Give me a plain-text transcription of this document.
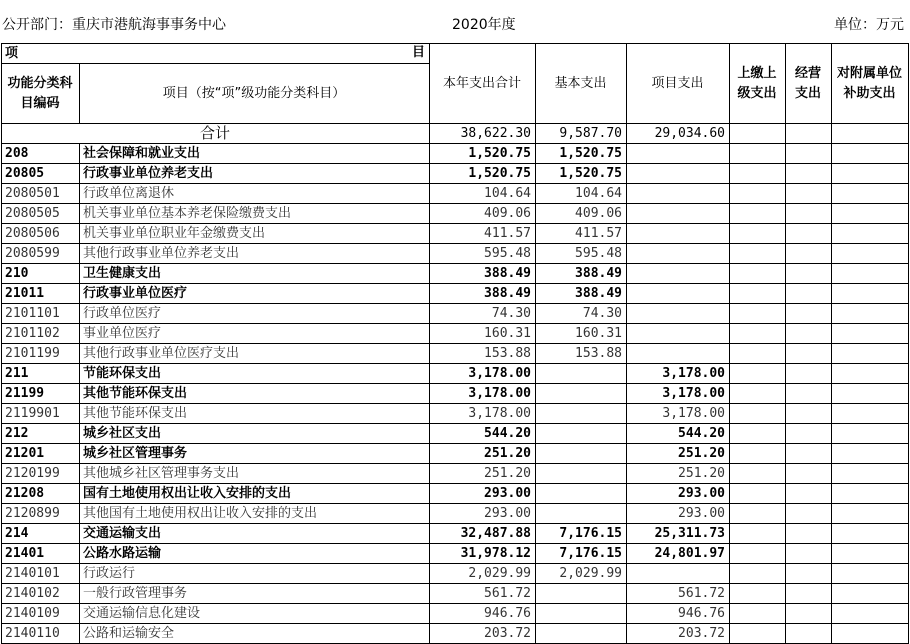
公开部门：重庆市港航海事事务中心	2020年度	单位：万元
项 目		本年支出合计	基本支出	项目支出	上缴上级支出	经营支出	对附属单位补助支出
功能分类科目编码	项目（按“项”级功能分类科目）						
合计		38,622.30	9,587.70	29,034.60			
208	社会保障和就业支出	1,520.75	1,520.75				
20805	行政事业单位养老支出	1,520.75	1,520.75				
2080501	行政单位离退休	104.64	104.64				
2080505	机关事业单位基本养老保险缴费支出	409.06	409.06				
2080506	机关事业单位职业年金缴费支出	411.57	411.57				
2080599	其他行政事业单位养老支出	595.48	595.48				
210	卫生健康支出	388.49	388.49				
21011	行政事业单位医疗	388.49	388.49				
2101101	行政单位医疗	74.30	74.30				
2101102	事业单位医疗	160.31	160.31				
2101199	其他行政事业单位医疗支出	153.88	153.88				
211	节能环保支出	3,178.00		3,178.00			
21199	其他节能环保支出	3,178.00		3,178.00			
2119901	其他节能环保支出	3,178.00		3,178.00			
212	城乡社区支出	544.20		544.20			
21201	城乡社区管理事务	251.20		251.20			
2120199	其他城乡社区管理事务支出	251.20		251.20			
21208	国有土地使用权出让收入安排的支出	293.00		293.00			
2120899	其他国有土地使用权出让收入安排的支出	293.00		293.00			
214	交通运输支出	32,487.88	7,176.15	25,311.73			
21401	公路水路运输	31,978.12	7,176.15	24,801.97			
2140101	行政运行	2,029.99	2,029.99				
2140102	一般行政管理事务	561.72		561.72			
2140109	交通运输信息化建设	946.76		946.76			
2140110	公路和运输安全	203.72		203.72			
